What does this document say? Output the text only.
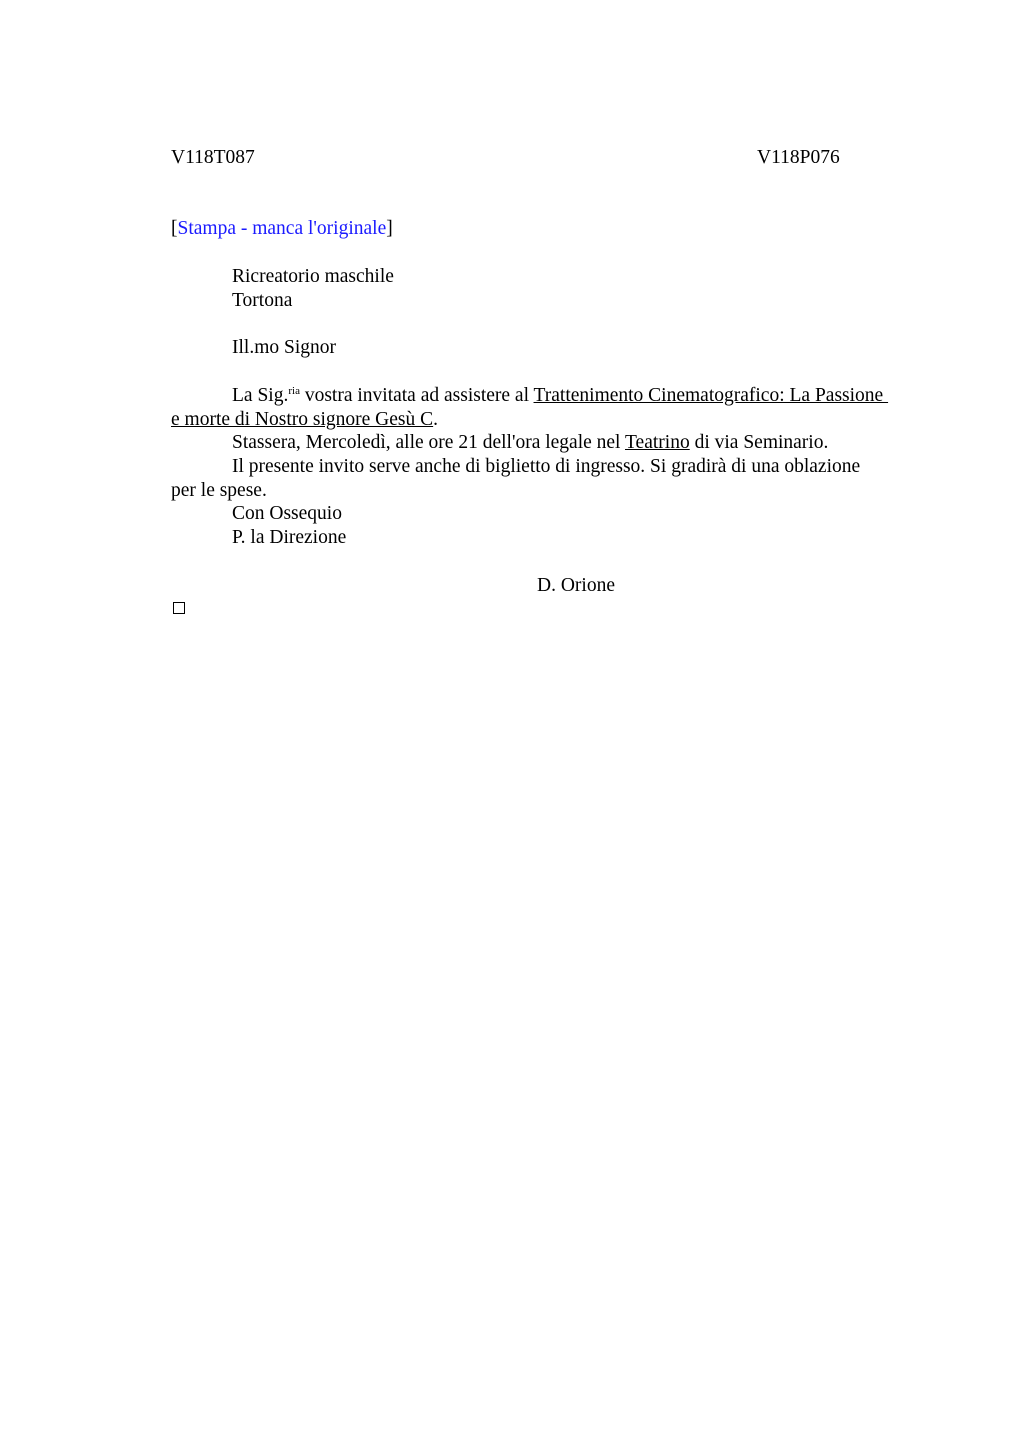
V118T087	V118P076
[Stampa - manca l'originale]
Ricreatorio maschile
Tortona
Ill.mo Signor
La Sig.$^{ria}$ vostra invitata ad assistere al Trattenimento Cinematografico: La Passione
e morte di Nostro signore Gesù C.
Stassera, Mercoledì, alle ore 21 dell'ora legale nel Teatrino di via Seminario.
Il presente invito serve anche di biglietto di ingresso. Si gradirà di una oblazione
per le spese.
Con Ossequio
P. la Direzione
D. Orione
